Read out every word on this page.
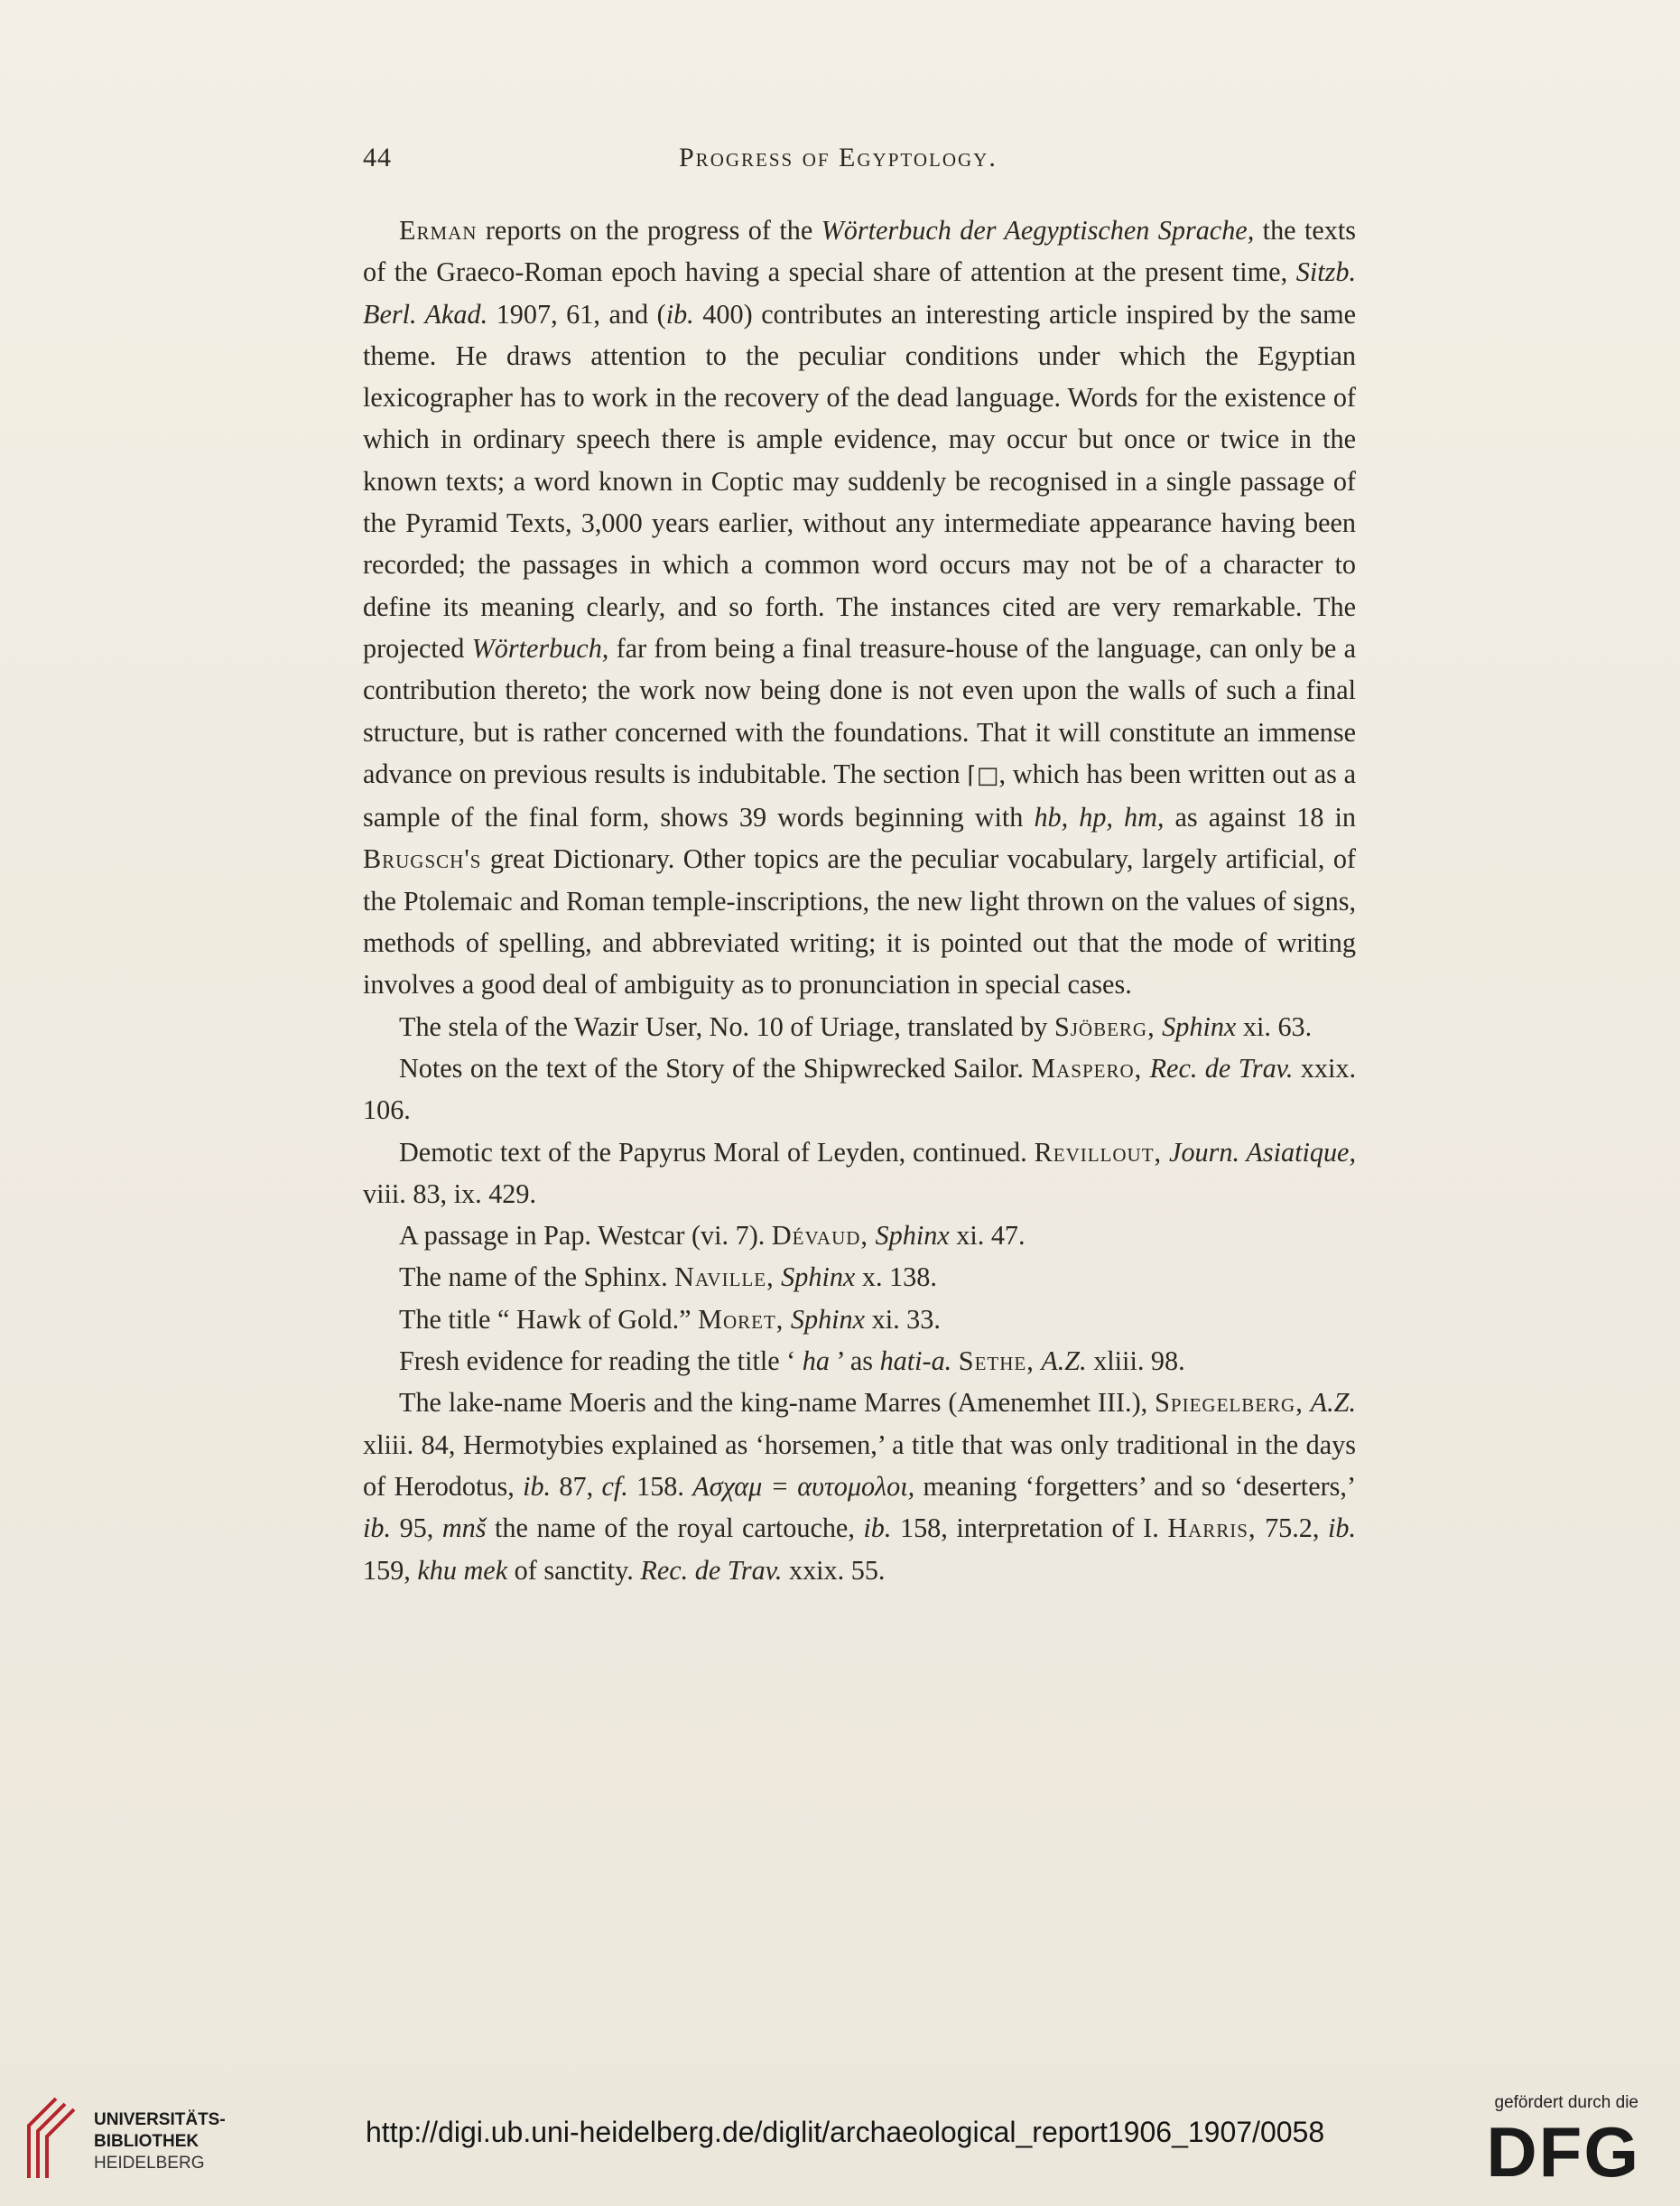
44	Progress of Egyptology.

Erman reports on the progress of the Wörterbuch der Aegyptischen Sprache, the texts of the Graeco-Roman epoch having a special share of attention at the present time, Sitzb. Berl. Akad. 1907, 61, and (ib. 400) contributes an interesting article inspired by the same theme. He draws attention to the peculiar conditions under which the Egyptian lexicographer has to work in the recovery of the dead language. Words for the existence of which in ordinary speech there is ample evidence, may occur but once or twice in the known texts; a word known in Coptic may suddenly be recognised in a single passage of the Pyramid Texts, 3,000 years earlier, without any intermediate appearance having been recorded; the passages in which a common word occurs may not be of a character to define its meaning clearly, and so forth. The instances cited are very remarkable. The projected Wörterbuch, far from being a final treasure-house of the language, can only be a contribution thereto; the work now being done is not even upon the walls of such a final structure, but is rather concerned with the foundations. That it will constitute an immense advance on previous results is indubitable. The section ⌈□, which has been written out as a sample of the final form, shows 39 words beginning with hb, hp, hm, as against 18 in Brugsch's great Dictionary. Other topics are the peculiar vocabulary, largely artificial, of the Ptolemaic and Roman temple-inscriptions, the new light thrown on the values of signs, methods of spelling, and abbreviated writing; it is pointed out that the mode of writing involves a good deal of ambiguity as to pronunciation in special cases.

The stela of the Wazir User, No. 10 of Uriage, translated by Sjöberg, Sphinx xi. 63.

Notes on the text of the Story of the Shipwrecked Sailor. Maspero, Rec. de Trav. xxix. 106.

Demotic text of the Papyrus Moral of Leyden, continued. Revillout, Journ. Asiatique, viii. 83, ix. 429.

A passage in Pap. Westcar (vi. 7). Dévaud, Sphinx xi. 47.

The name of the Sphinx. Naville, Sphinx x. 138.

The title “ Hawk of Gold.” Moret, Sphinx xi. 33.

Fresh evidence for reading the title ‘ ha ’ as hati-a. Sethe, A.Z. xliii. 98.

The lake-name Moeris and the king-name Marres (Amenemhet III.), Spiegelberg, A.Z. xliii. 84, Hermotybies explained as ‘horsemen,’ a title that was only traditional in the days of Herodotus, ib. 87, cf. 158. Ασχαμ = αυτομολοι, meaning ‘forgetters’ and so ‘deserters,’ ib. 95, mnš the name of the royal cartouche, ib. 158, interpretation of I. Harris, 75.2, ib. 159, khu mek of sanctity. Rec. de Trav. xxix. 55.

UNIVERSITÄTS-
BIBLIOTHEK
HEIDELBERG
http://digi.ub.uni-heidelberg.de/diglit/archaeological_report1906_1907/0058
gefördert durch die
DFG
